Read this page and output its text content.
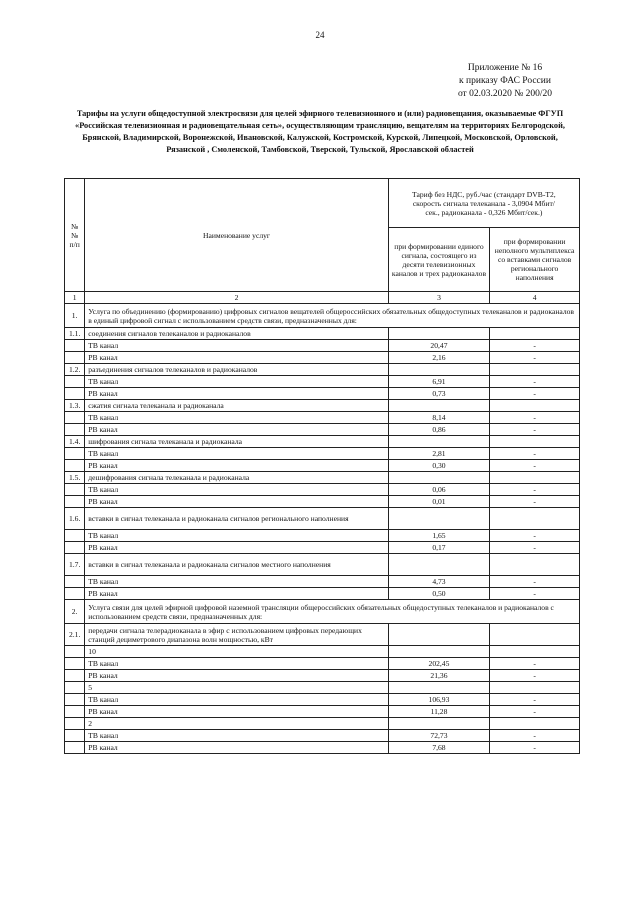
24
Приложение № 16
к приказу ФАС России
от 02.03.2020 № 200/20
Тарифы на услуги общедоступной электросвязи для целей эфирного телевизионного и (или) радиовещания, оказываемые ФГУП «Российская телевизионная и радиовещательная сеть», осуществляющим трансляцию, вещателям на территориях Белгородской, Брянской, Владимирской, Воронежской, Ивановской, Калужской, Костромской, Курской, Липецкой, Московской, Орловской, Рязанской , Смоленской, Тамбовской, Тверской, Тульской, Ярославской областей
№№ п/п	Наименование услуг	Тариф без НДС, руб./час (стандарт DVB-T2, скорость сигнала телеканала - 3,0904 Мбит/сек., радиоканала - 0,326 Мбит/сек.)	
		при формировании единого сигнала, состоящего из десяти телевизионных каналов и трех радиоканалов	при формировании неполного мультиплекса со вставками сигналов регионального наполнения
1	2	3	4
1.	Услуга по объединению (формированию) цифровых сигналов вещателей общероссийских обязательных общедоступных телеканалов и радиоканалов в единый цифровой сигнал с использованием средств связи, предназначенных для:		
1.1.	соединения сигналов телеканалов и радиоканалов		
	ТВ канал	20,47	-
	РВ канал	2,16	-
1.2.	разъединения сигналов телеканалов и радиоканалов		
	ТВ канал	6,91	-
	РВ канал	0,73	-
1.3.	сжатия сигнала телеканала и радиоканала		
	ТВ канал	8,14	-
	РВ канал	0,86	-
1.4.	шифрования сигнала телеканала и радиоканала		
	ТВ канал	2,81	-
	РВ канал	0,30	-
1.5.	дешифрования сигнала телеканала и радиоканала		
	ТВ канал	0,06	-
	РВ канал	0,01	-
1.6.	вставки в сигнал телеканала и радиоканала сигналов регионального наполнения		
	ТВ канал	1,65	-
	РВ канал	0,17	-
1.7.	вставки в сигнал телеканала и радиоканала сигналов местного наполнения		
	ТВ канал	4,73	-
	РВ канал	0,50	-
2.	Услуга связи для целей эфирной цифровой наземной трансляции общероссийских обязательных общедоступных телеканалов и радиоканалов с использованием средств связи, предназначенных для:		
2.1.	передачи сигнала телерадиоканала в эфир с использованием цифровых передающих станций дециметрового диапазона волн мощностью, кВт		
	10		
	ТВ канал	202,45	-
	РВ канал	21,36	-
	5		
	ТВ канал	106,93	-
	РВ канал	11,28	-
	2		
	ТВ канал	72,73	-
	РВ канал	7,68	-
